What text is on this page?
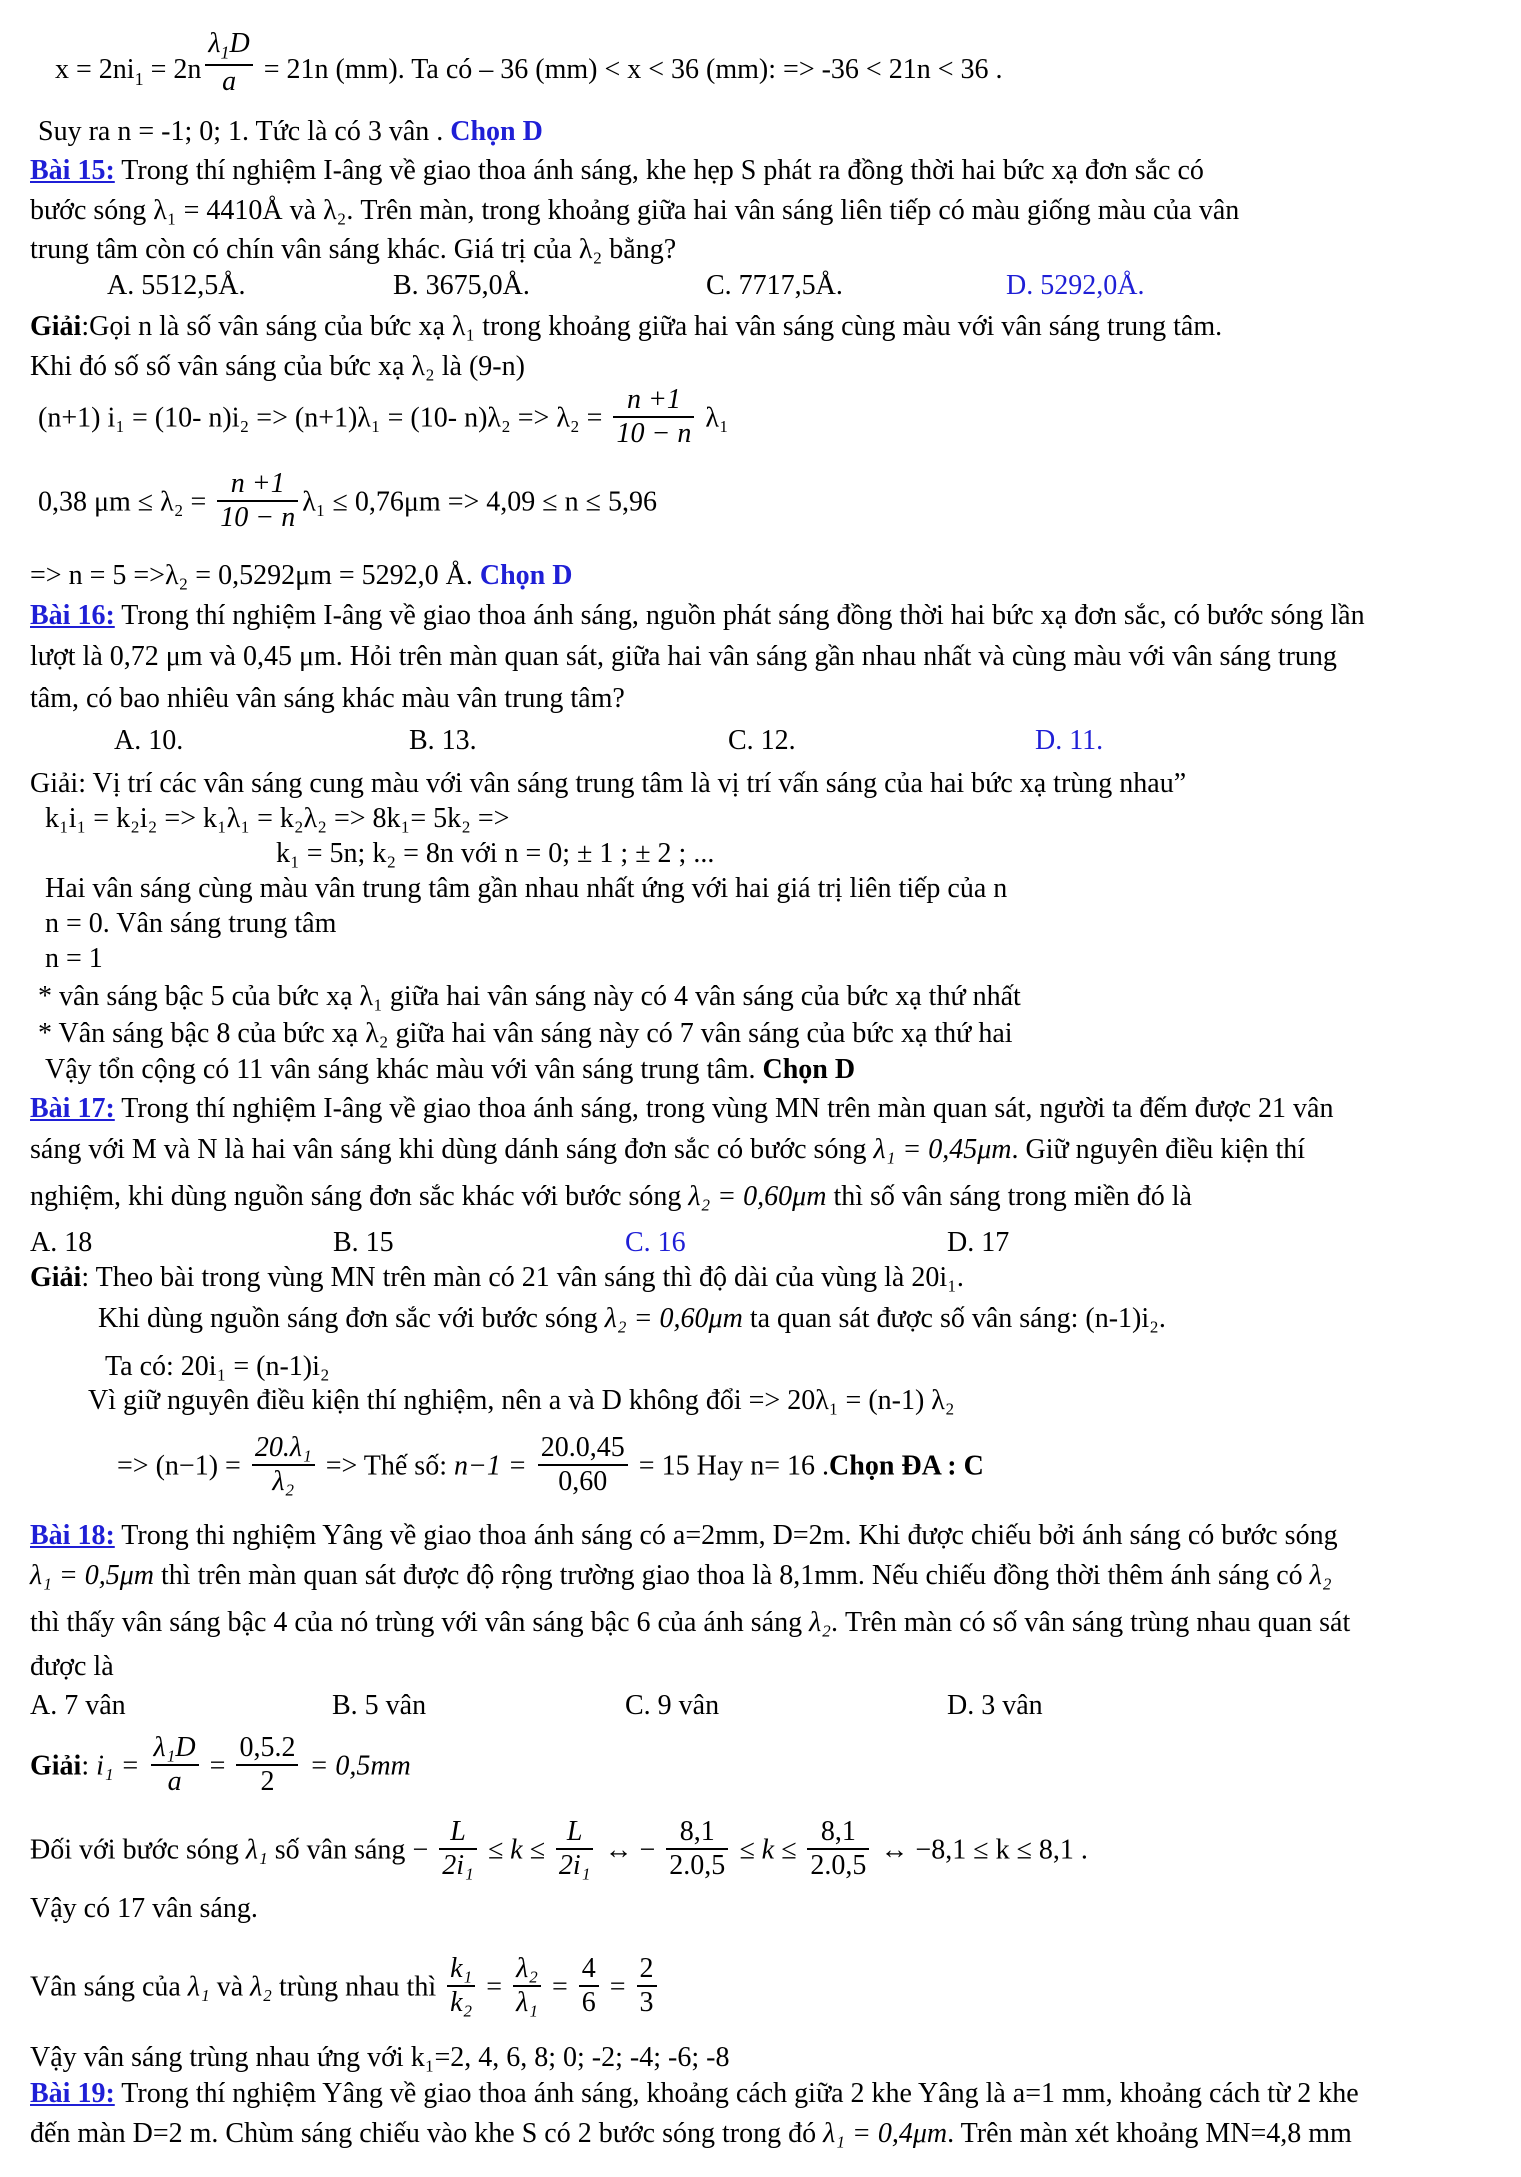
$x = 2ni_1 = 2n \frac{\lambda_1D}{a} = 21n$ (mm). Ta có – 36 (mm) < x < 36 (mm): => -36 < 21n < 36 .
Suy ra n = -1; 0; 1. Tức là có 3 vân . Chọn D
Bài 15: Trong thí nghiệm I-âng về giao thoa ánh sáng, khe hẹp S phát ra đồng thời hai bức xạ đơn sắc có
bước sóng λ₁ = 4410Å và λ₂. Trên màn, trong khoảng giữa hai vân sáng liên tiếp có màu giống màu của vân
trung tâm còn có chín vân sáng khác. Giá trị của λ₂ bằng?
A. 5512,5Å.	B. 3675,0Å.	C. 7717,5Å.	D. 5292,0Å.
Giải:Gọi n là số vân sáng của bức xạ λ₁ trong khoảng giữa hai vân sáng cùng màu với vân sáng trung tâm.
Khi đó số số vân sáng của bức xạ λ₂ là (9-n)
(n+1) i₁ = (10- n)i₂ => (n+1)λ₁ = (10- $n)\lambda_2 => \lambda_2 = \frac{n +1}{10 - n} \lambda_1$
0,38 $\mu m \le \lambda_2 = \frac{n +1}{10 - n} \lambda_1 \le 0,76\mu m => 4,09 \le n \le 5,96$
=> n = 5 =>λ₂ = 0,5292μm = 5292,0 Å. Chọn D
Bài 16: Trong thí nghiệm I-âng về giao thoa ánh sáng, nguồn phát sáng đồng thời hai bức xạ đơn sắc, có bước sóng lần
lượt là 0,72 μm và 0,45 μm. Hỏi trên màn quan sát, giữa hai vân sáng gần nhau nhất và cùng màu với vân sáng trung
tâm, có bao nhiêu vân sáng khác màu vân trung tâm?
A. 10.	B. 13.	C. 12.	D. 11.
Giải: Vị trí các vân sáng cung màu với vân sáng trung tâm là vị trí vấn sáng của hai bức xạ trùng nhau”
k₁i₁ = k₂i₂ => k₁λ₁ = k₂λ₂ => 8k₁= 5k₂ =>
k₁ = 5n; k₂ = 8n với n = 0; ± 1 ; ± 2 ; ...
Hai vân sáng cùng màu vân trung tâm gần nhau nhất ứng với hai giá trị liên tiếp của n
n = 0. Vân sáng trung tâm
n = 1
* vân sáng bậc 5 của bức xạ λ₁ giữa hai vân sáng này có 4 vân sáng của bức xạ thứ nhất
* Vân sáng bậc 8 của bức xạ λ₂ giữa hai vân sáng này có 7 vân sáng của bức xạ thứ hai
Vậy tổn cộng có 11 vân sáng khác màu với vân sáng trung tâm. Chọn D
Bài 17: Trong thí nghiệm I-âng về giao thoa ánh sáng, trong vùng MN trên màn quan sát, người ta đếm được 21 vân
sáng với M và N là hai vân sáng khi dùng dánh sáng đơn sắc có bước sóng λ₁ = 0,45μm. Giữ nguyên điều kiện thí
nghiệm, khi dùng nguồn sáng đơn sắc khác với bước sóng λ₂ = 0,60μm thì số vân sáng trong miền đó là
A. 18	B. 15	C. 16	D. 17
Giải: Theo bài trong vùng MN trên màn có 21 vân sáng thì độ dài của vùng là 20i₁.
Khi dùng nguồn sáng đơn sắc với bước sóng λ₂ = 0,60μm ta quan sát được số vân sáng: (n-1)i₂.
Ta có: 20i₁ = (n-1)i₂
Vì giữ nguyên điều kiện thí nghiệm, nên a và D không đổi => 20λ₁ = (n-1) λ₂
=> $(n-1) = \frac{\text{20.λ₁}}{\text{λ₂}}$ => Thế số: $n-1 = \frac{20.0,45}{0,60} = 15$ Hay n= 16 .Chọn ĐA : C
Bài 18: Trong thi nghiệm Yâng về giao thoa ánh sáng có a=2mm, D=2m. Khi được chiếu bởi ánh sáng có bước sóng
λ₁ = 0,5μm thì trên màn quan sát được độ rộng trường giao thoa là 8,1mm. Nếu chiếu đồng thời thêm ánh sáng có λ₂
thì thấy vân sáng bậc 4 của nó trùng với vân sáng bậc 6 của ánh sáng λ₂. Trên màn có số vân sáng trùng nhau quan sát
được là
A. 7 vân	B. 5 vân	C. 9 vân	D. 3 vân
Giải: $i_1 = \frac{\text{λ₁D}}{a} = \frac{0,5.2}{2} = 0,5mm$
Đối với bước sóng λ₁ số vân sáng − $\frac{L}{\text{2i₁}} \le k \le \frac{L}{\text{2i₁}}$ ↔ − $\frac{8,1}{2.0,5} \le k \le \frac{8,1}{2.0,5}$ ↔ −8,1 ≤ k ≤ 8,1 .
Vậy có 17 vân sáng.
Vân sáng của λ₁ và λ₂ trùng nhau thì $\frac{\text{k₁}}{\text{k₂}} = \frac{\text{λ₂}}{\text{λ₁}} = \frac{4}{6} = \frac{2}{3}$
Vậy vân sáng trùng nhau ứng với k₁=2, 4, 6, 8; 0; -2; -4; -6; -8
Bài 19: Trong thí nghiệm Yâng về giao thoa ánh sáng, khoảng cách giữa 2 khe Yâng là a=1 mm, khoảng cách từ 2 khe
đến màn D=2 m. Chùm sáng chiếu vào khe S có 2 bước sóng trong đó λ₁ = 0,4μm. Trên màn xét khoảng MN=4,8 mm
